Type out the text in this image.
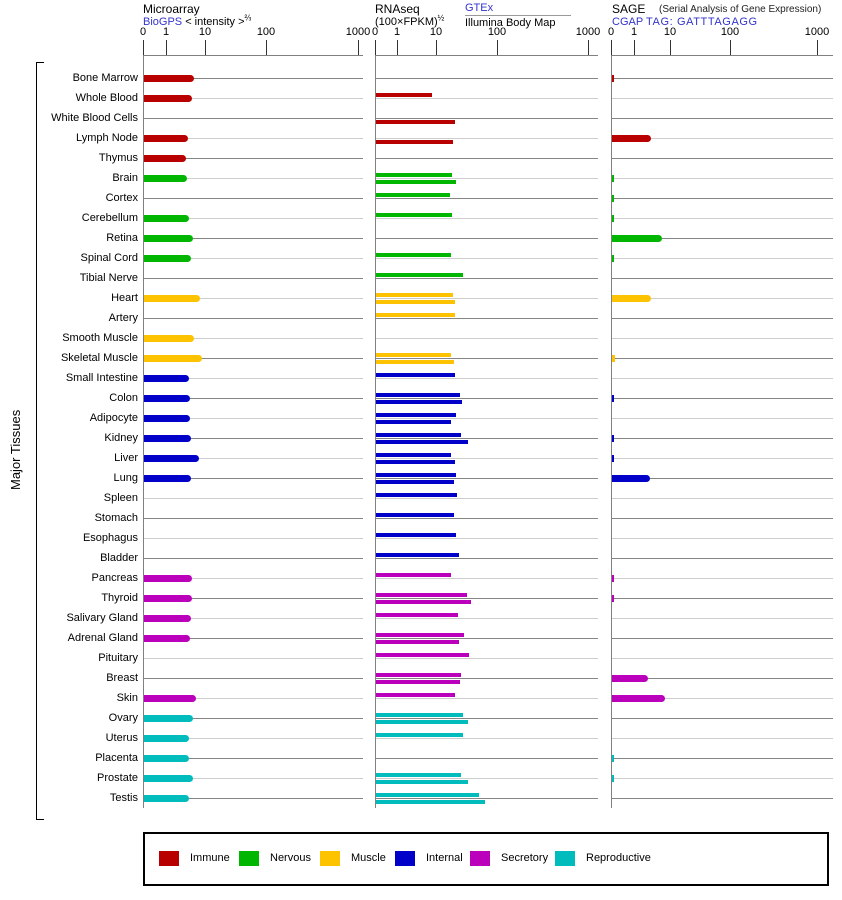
Microarray
BioGPS < intensity >$^{\frac{2}{3}}$
RNAseq
(100×FPKM)$^{\frac{1}{2}}$
GTEx
Illumina Body Map
SAGE (Serial Analysis of Gene Expression)
CGAP TAG: GATTTAGAGG
Major Tissues
0	1	10	100	1000 0	1	10	100	1000 0	1	10	100	1000
Bone Marrow
Whole Blood
White Blood Cells
Lymph Node
Thymus
Brain
Cortex
Cerebellum
Retina
Spinal Cord
Tibial Nerve
Heart
Artery
Smooth Muscle
Skeletal Muscle
Small Intestine
Colon
Adipocyte
Kidney
Liver
Lung
Spleen
Stomach
Esophagus
Bladder
Pancreas
Thyroid
Salivary Gland
Adrenal Gland
Pituitary
Breast
Skin
Ovary
Uterus
Placenta
Prostate
Testis
Immune	Nervous	Muscle	Internal	Secretory	Reproductive
